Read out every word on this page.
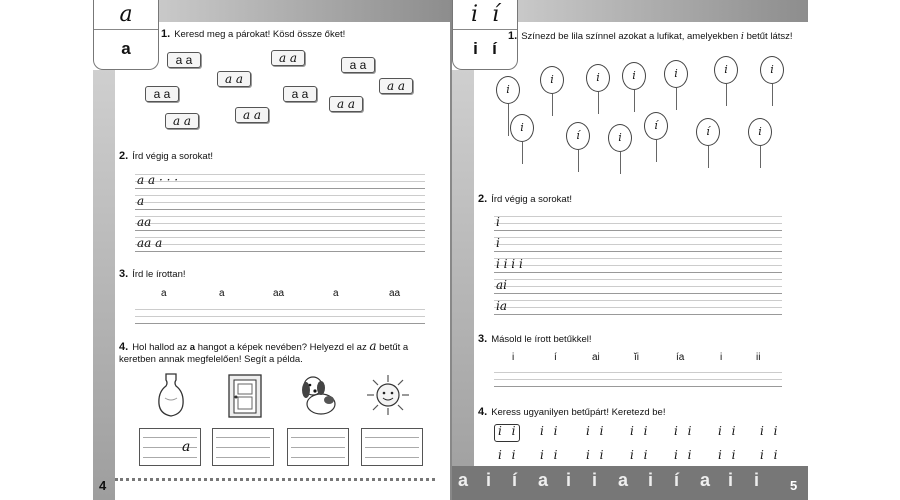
a
a
1. Keresd meg a párokat! Kösd össze őket!
a a	a a	a a
a a	a a
a a	a a
a a
a a
a a
2. Írd végig a sorokat!
a a · · ·
a
aa
aa a
3. Írd le írottan!
a	a	aa	a	aa
4. Hol hallod az a hangot a képek nevében? Helyezd el az a betűt a keretben annak megfelelően! Segít a példa.
a
4
i í
i í
1. Színezd be lila színnel azokat a lufikat, amelyekben i betűt látsz!
i
i	i	i	i	i	i
i
í	i
í	í	i
2. Írd végig a sorokat!
i
i
i i i i
ai
ia
3. Másold le írott betűkkel!
i	í	ai	ĭi	ía	i	ii
4. Keress ugyanilyen betűpárt! Keretezd be!
i i i i i i i i i i i i i i
i i i i i i i i i i i i i i
a i í a i i a i í a i i 5
